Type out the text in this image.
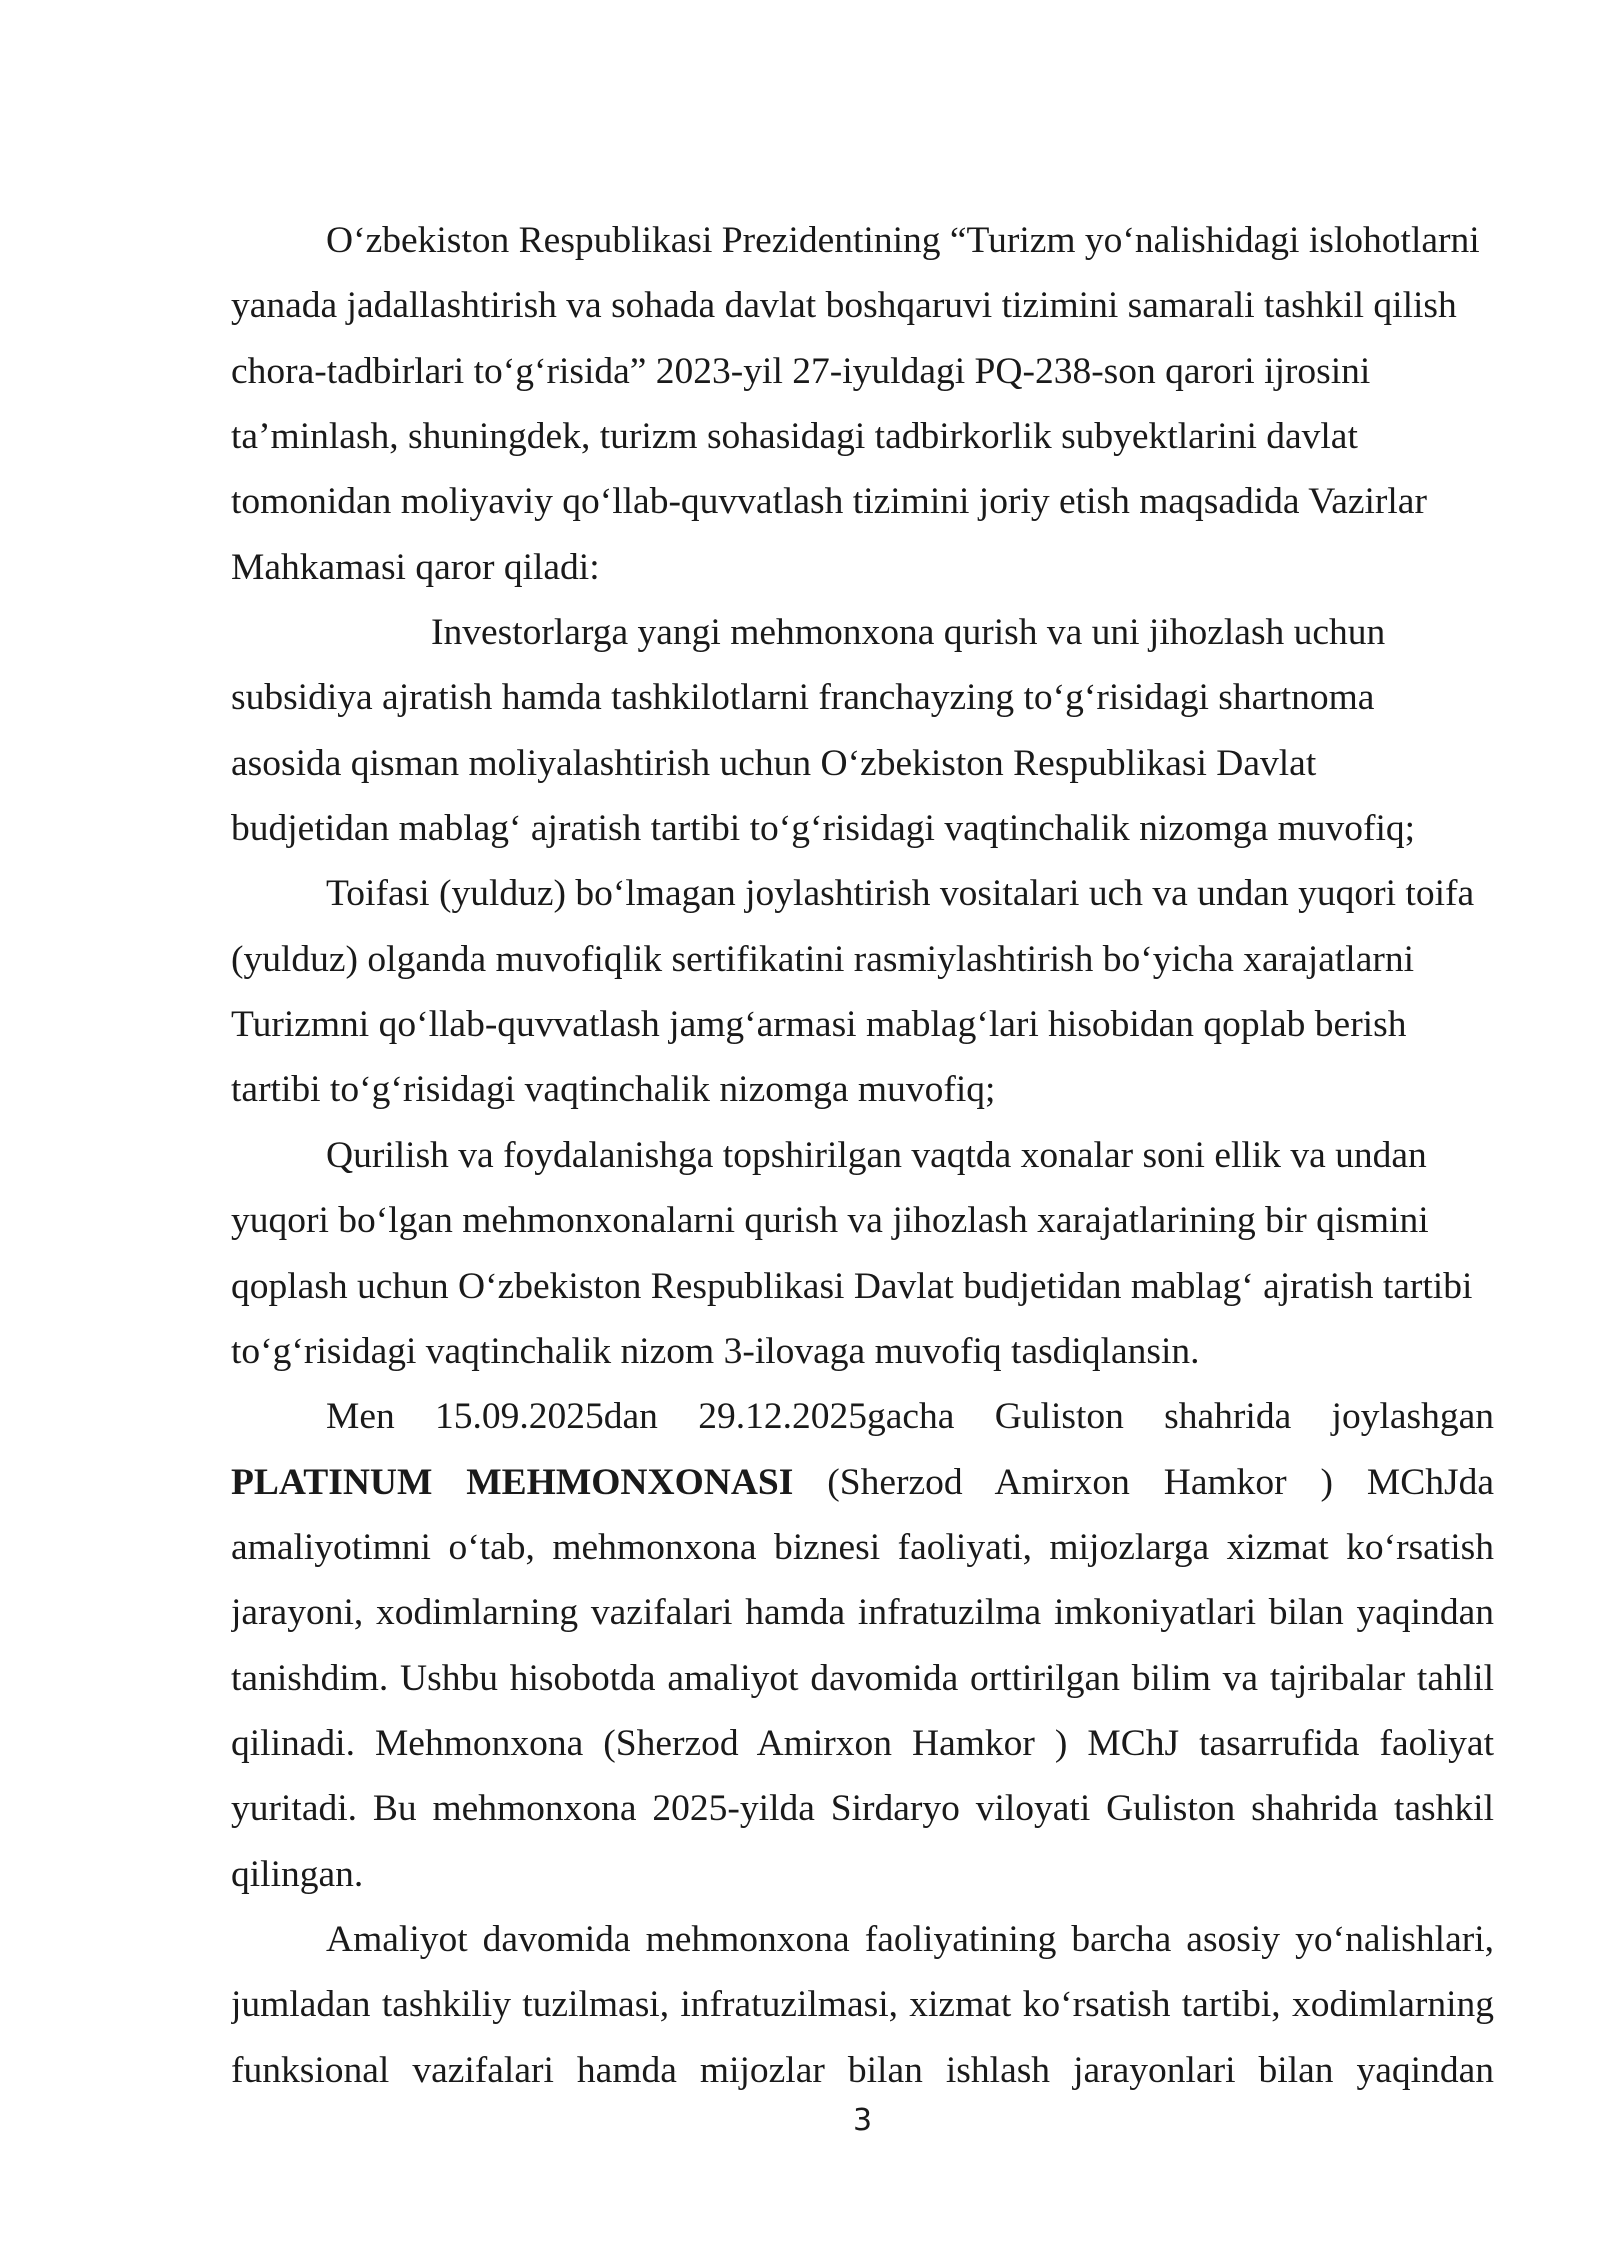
O‘zbekiston Respublikasi Prezidentining “Turizm yo‘nalishidagi islohotlarni
yanada jadallashtirish va sohada davlat boshqaruvi tizimini samarali tashkil qilish
chora-tadbirlari to‘g‘risida” 2023-yil 27-iyuldagi PQ-238-son qarori ijrosini
ta’minlash, shuningdek, turizm sohasidagi tadbirkorlik subyektlarini davlat
tomonidan moliyaviy qo‘llab-quvvatlash tizimini joriy etish maqsadida Vazirlar
Mahkamasi qaror qiladi:
Investorlarga yangi mehmonxona qurish va uni jihozlash uchun
subsidiya ajratish hamda tashkilotlarni franchayzing to‘g‘risidagi shartnoma
asosida qisman moliyalashtirish uchun O‘zbekiston Respublikasi Davlat
budjetidan mablag‘ ajratish tartibi to‘g‘risidagi vaqtinchalik nizomga muvofiq;
Toifasi (yulduz) bo‘lmagan joylashtirish vositalari uch va undan yuqori toifa
(yulduz) olganda muvofiqlik sertifikatini rasmiylashtirish bo‘yicha xarajatlarni
Turizmni qo‘llab-quvvatlash jamg‘armasi mablag‘lari hisobidan qoplab berish
tartibi to‘g‘risidagi vaqtinchalik nizomga muvofiq;
Qurilish va foydalanishga topshirilgan vaqtda xonalar soni ellik va undan
yuqori bo‘lgan mehmonxonalarni qurish va jihozlash xarajatlarining bir qismini
qoplash uchun O‘zbekiston Respublikasi Davlat budjetidan mablag‘ ajratish tartibi
to‘g‘risidagi vaqtinchalik nizom 3-ilovaga muvofiq tasdiqlansin.
Men 15.09.2025dan 29.12.2025gacha Guliston shahrida joylashgan
PLATINUM MEHMONXONASI (Sherzod Amirxon Hamkor ) MChJda
amaliyotimni o‘tab, mehmonxona biznesi faoliyati, mijozlarga xizmat ko‘rsatish
jarayoni, xodimlarning vazifalari hamda infratuzilma imkoniyatlari bilan yaqindan
tanishdim. Ushbu hisobotda amaliyot davomida orttirilgan bilim va tajribalar tahlil
qilinadi. Mehmonxona (Sherzod Amirxon Hamkor ) MChJ tasarrufida faoliyat
yuritadi. Bu mehmonxona 2025-yilda Sirdaryo viloyati Guliston shahrida tashkil
qilingan.
Amaliyot davomida mehmonxona faoliyatining barcha asosiy yo‘nalishlari,
jumladan tashkiliy tuzilmasi, infratuzilmasi, xizmat ko‘rsatish tartibi, xodimlarning
funksional vazifalari hamda mijozlar bilan ishlash jarayonlari bilan yaqindan
3
